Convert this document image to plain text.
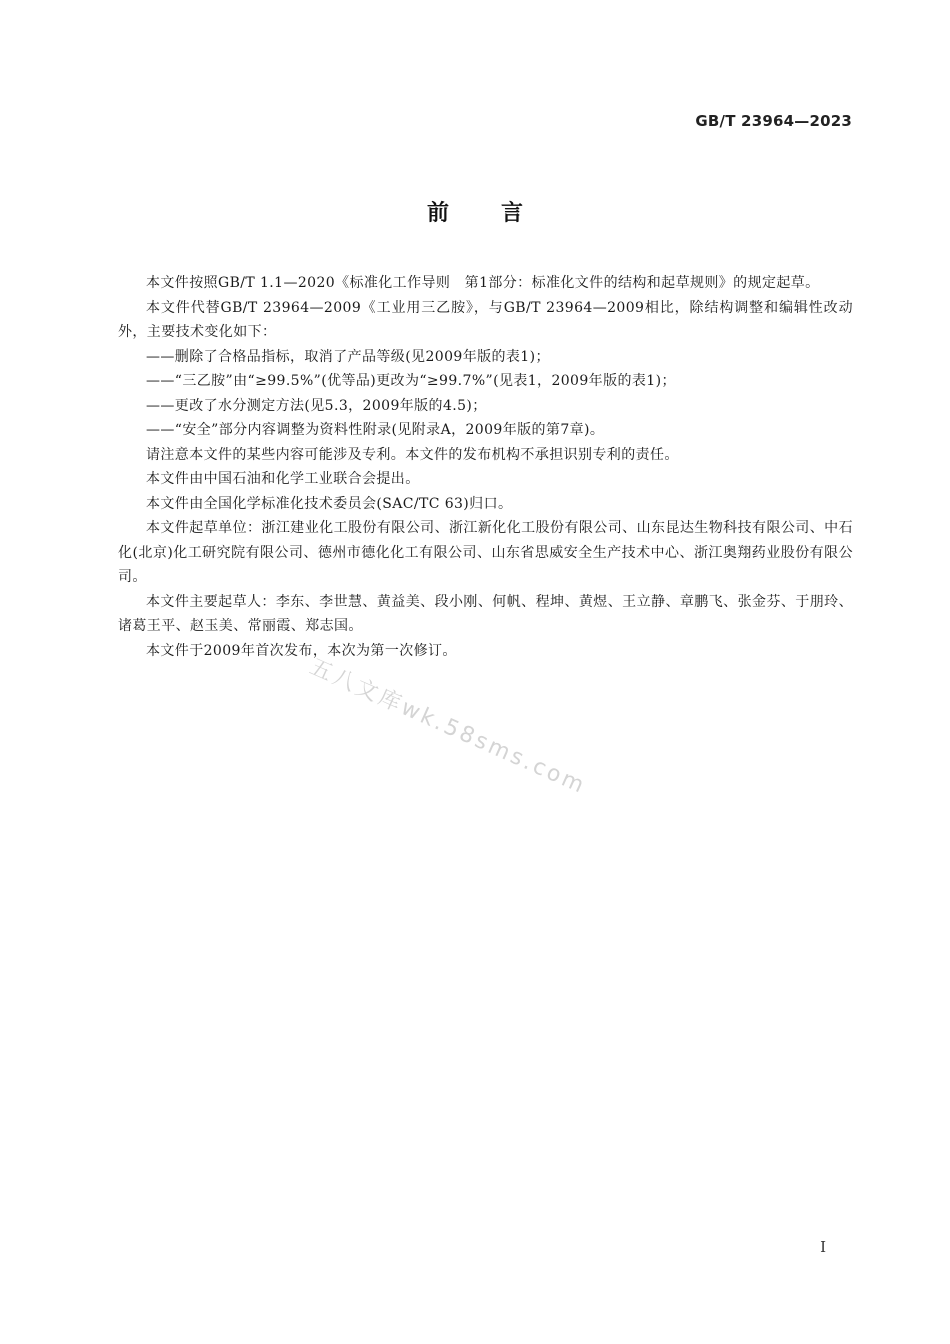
GB/T 23964—2023
前言

本文件按照GB/T 1.1—2020《标准化工作导则　第1部分：标准化文件的结构和起草规则》的规定起草。

本文件代替GB/T 23964—2009《工业用三乙胺》，与GB/T 23964—2009相比，除结构调整和编辑性改动外，主要技术变化如下：

——删除了合格品指标，取消了产品等级(见2009年版的表1)；

——“三乙胺”由“≥99.5%”(优等品)更改为“≥99.7%”(见表1，2009年版的表1)；

——更改了水分测定方法(见5.3，2009年版的4.5)；

——“安全”部分内容调整为资料性附录(见附录A，2009年版的第7章)。

请注意本文件的某些内容可能涉及专利。本文件的发布机构不承担识别专利的责任。

本文件由中国石油和化学工业联合会提出。

本文件由全国化学标准化技术委员会(SAC/TC 63)归口。

本文件起草单位：浙江建业化工股份有限公司、浙江新化化工股份有限公司、山东昆达生物科技有限公司、中石化(北京)化工研究院有限公司、德州市德化化工有限公司、山东省思威安全生产技术中心、浙江奥翔药业股份有限公司。

本文件主要起草人：李东、李世慧、黄益美、段小刚、何帆、程坤、黄煜、王立静、章鹏飞、张金芬、于朋玲、诸葛王平、赵玉美、常丽霞、郑志国。

本文件于2009年首次发布，本次为第一次修订。

五八文库wk.58sms.com
I
